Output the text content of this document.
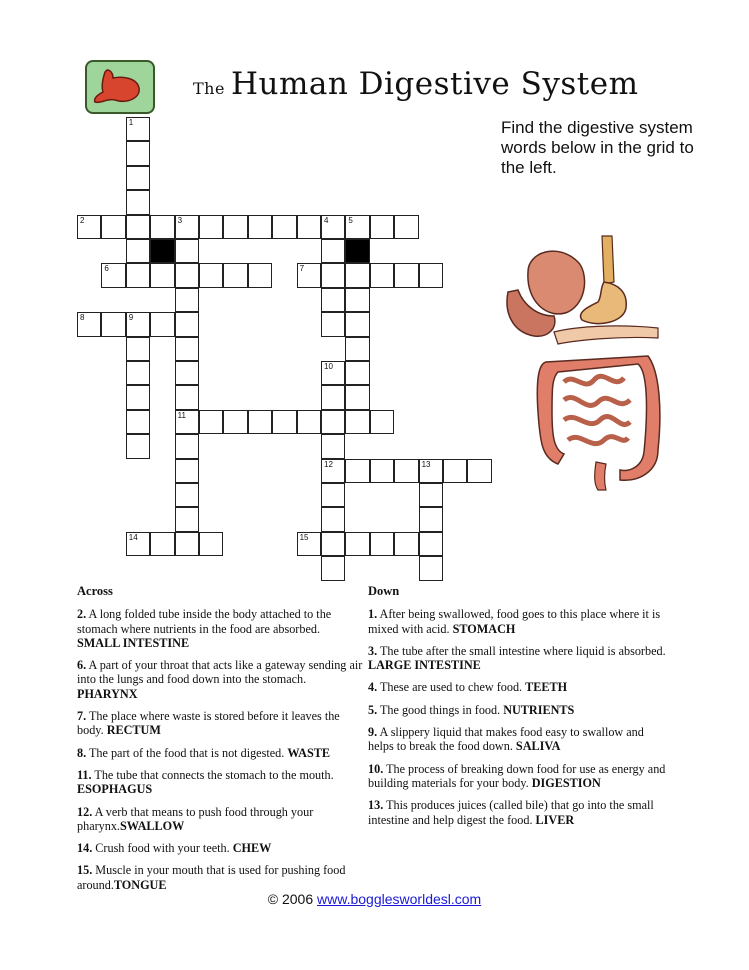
The Human Digestive System
Find the digestive system words below in the grid to the left.
1
2	3	4 5
11
6	7
8	9
10
12	13
14	15
Across
2. A long folded tube inside the body attached to the stomach where nutrients in the food are absorbed. SMALL INTESTINE
6. A part of your throat that acts like a gateway sending air into the lungs and food down into the stomach. PHARYNX
7. The place where waste is stored before it leaves the body. RECTUM
8. The part of the food that is not digested. WASTE
11. The tube that connects the stomach to the mouth. ESOPHAGUS
12. A verb that means to push food through your pharynx.SWALLOW
14. Crush food with your teeth. CHEW
15. Muscle in your mouth that is used for pushing food around.TONGUE
Down
1. After being swallowed, food goes to this place where it is mixed with acid. STOMACH
3. The tube after the small intestine where liquid is absorbed. LARGE INTESTINE
4. These are used to chew food. TEETH
5. The good things in food. NUTRIENTS
9. A slippery liquid that makes food easy to swallow and helps to break the food down. SALIVA
10. The process of breaking down food for use as energy and building materials for your body. DIGESTION
13. This produces juices (called bile) that go into the small intestine and help digest the food. LIVER
© 2006 www.bogglesworldesl.com
